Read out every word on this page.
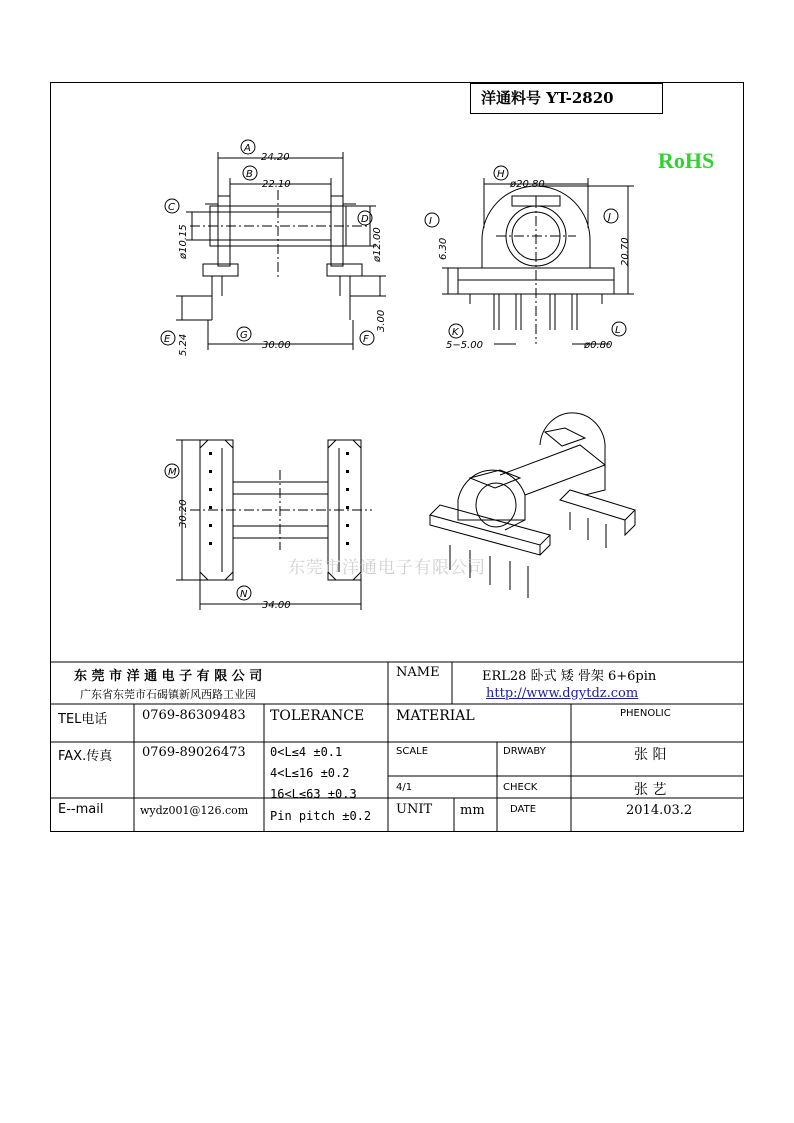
洋通料号 YT-2820
RoHS
A
24.20
B
22.10
C
ø10.15
D
ø12.00
E 5.24	G
30.00
F
3.00
H
ø20.80
I
6.30
J
20.70
K
5−5.00
L
ø0.80
M
30.20
N
34.00
东莞市洋通电子有限公司
东 莞 市 洋 通 电 子 有 限 公 司
广东省东莞市石碣镇新风西路工业园
NAME	ERL28 卧式 矮 骨架 6+6pin
http://www.dgytdz.com
TEL电话	0769-86309483 TOLERANCE MATERIAL	PHENOLIC
FAX.传真 0769-89026473 0<L≤4 ±0.1
4<L≤16 ±0.2
16<L≤63 ±0.3
Pin pitch ±0.2
SCALE	DRWABY	张 阳
4/1	CHECK	张 艺
E--mail	wydz001@126.com	UNIT mm	DATE	2014.03.2
